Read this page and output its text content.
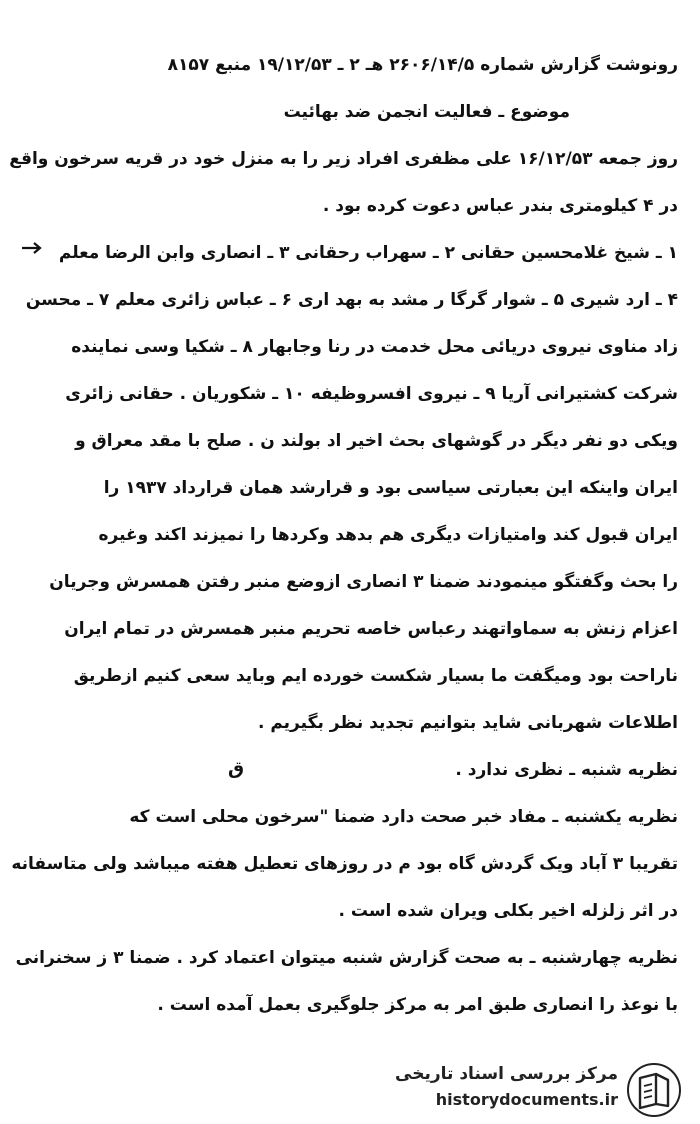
رونوشت گزارش شماره ۲۶۰۶/۱۴/۵ هـ ۲ ـ ۱۹/۱۲/۵۳ منبع ۸۱۵۷
موضوع ـ فعالیت انجمن ضد بهائیت
روز جمعه ۱۶/۱۲/۵۳ علی مظفری افراد زیر را به منزل خود در قریه سرخون واقع
در ۴ کیلومتری بندر عباس دعوت کرده بود .
۱ ـ شیخ غلامحسین حقانی ۲ ـ سهراب رحقانی ۳ ـ انصاری وابن الرضا معلم
۴ ـ ارد شیری ۵ ـ شوار گرگا ر مشد به بهد اری ۶ ـ عباس زائری معلم ۷ ـ محسن
زاد مناوی نیروی دریائی محل خدمت در رنا وجابهار ۸ ـ شکیا وسی نماینده
شرکت کشتیرانی آریا ۹ ـ نیروی افسروظیفه ۱۰ ـ شکوریان . حقانی زائری
ویکی دو نفر دیگر در گوشهای بحث اخیر اد بولند ن . صلح با مقد معراق و
ایران واینکه این بعبارتی سیاسی بود و قرارشد همان قرارداد ۱۹۳۷ را
ایران قبول کند وامتیازات دیگری هم بدهد وکردها را نمیزند اکند وغیره
را بحث وگفتگو مینمودند ضمنا ۳ انصاری ازوضع منبر رفتن همسرش وجریان
اعزام زنش به سماواتهند رعباس خاصه تحریم منبر همسرش در تمام ایران
ناراحت بود ومیگفت ما بسیار شکست خورده ایم وباید سعی کنیم ازطریق
اطلاعات شهربانی شاید بتوانیم تجدید نظر بگیریم .
نظریه شنبه ـ نظری ندارد .
نظریه یکشنبه ـ مفاد خبر صحت دارد ضمنا "سرخون محلی است که
تقریبا ۳ آباد ویک گردش گاه بود م در روزهای تعطیل هفته میباشد ولی متاسفانه
در اثر زلزله اخیر بکلی ویران شده است .
نظریه چهارشنبه ـ به صحت گزارش شنبه میتوان اعتماد کرد . ضمنا ۳ ز سخنرانی
با نوعذ را انصاری طبق امر به مرکز جلوگیری بعمل آمده است .
ق
مرکز بررسی اسناد تاریخی
historydocuments.ir
